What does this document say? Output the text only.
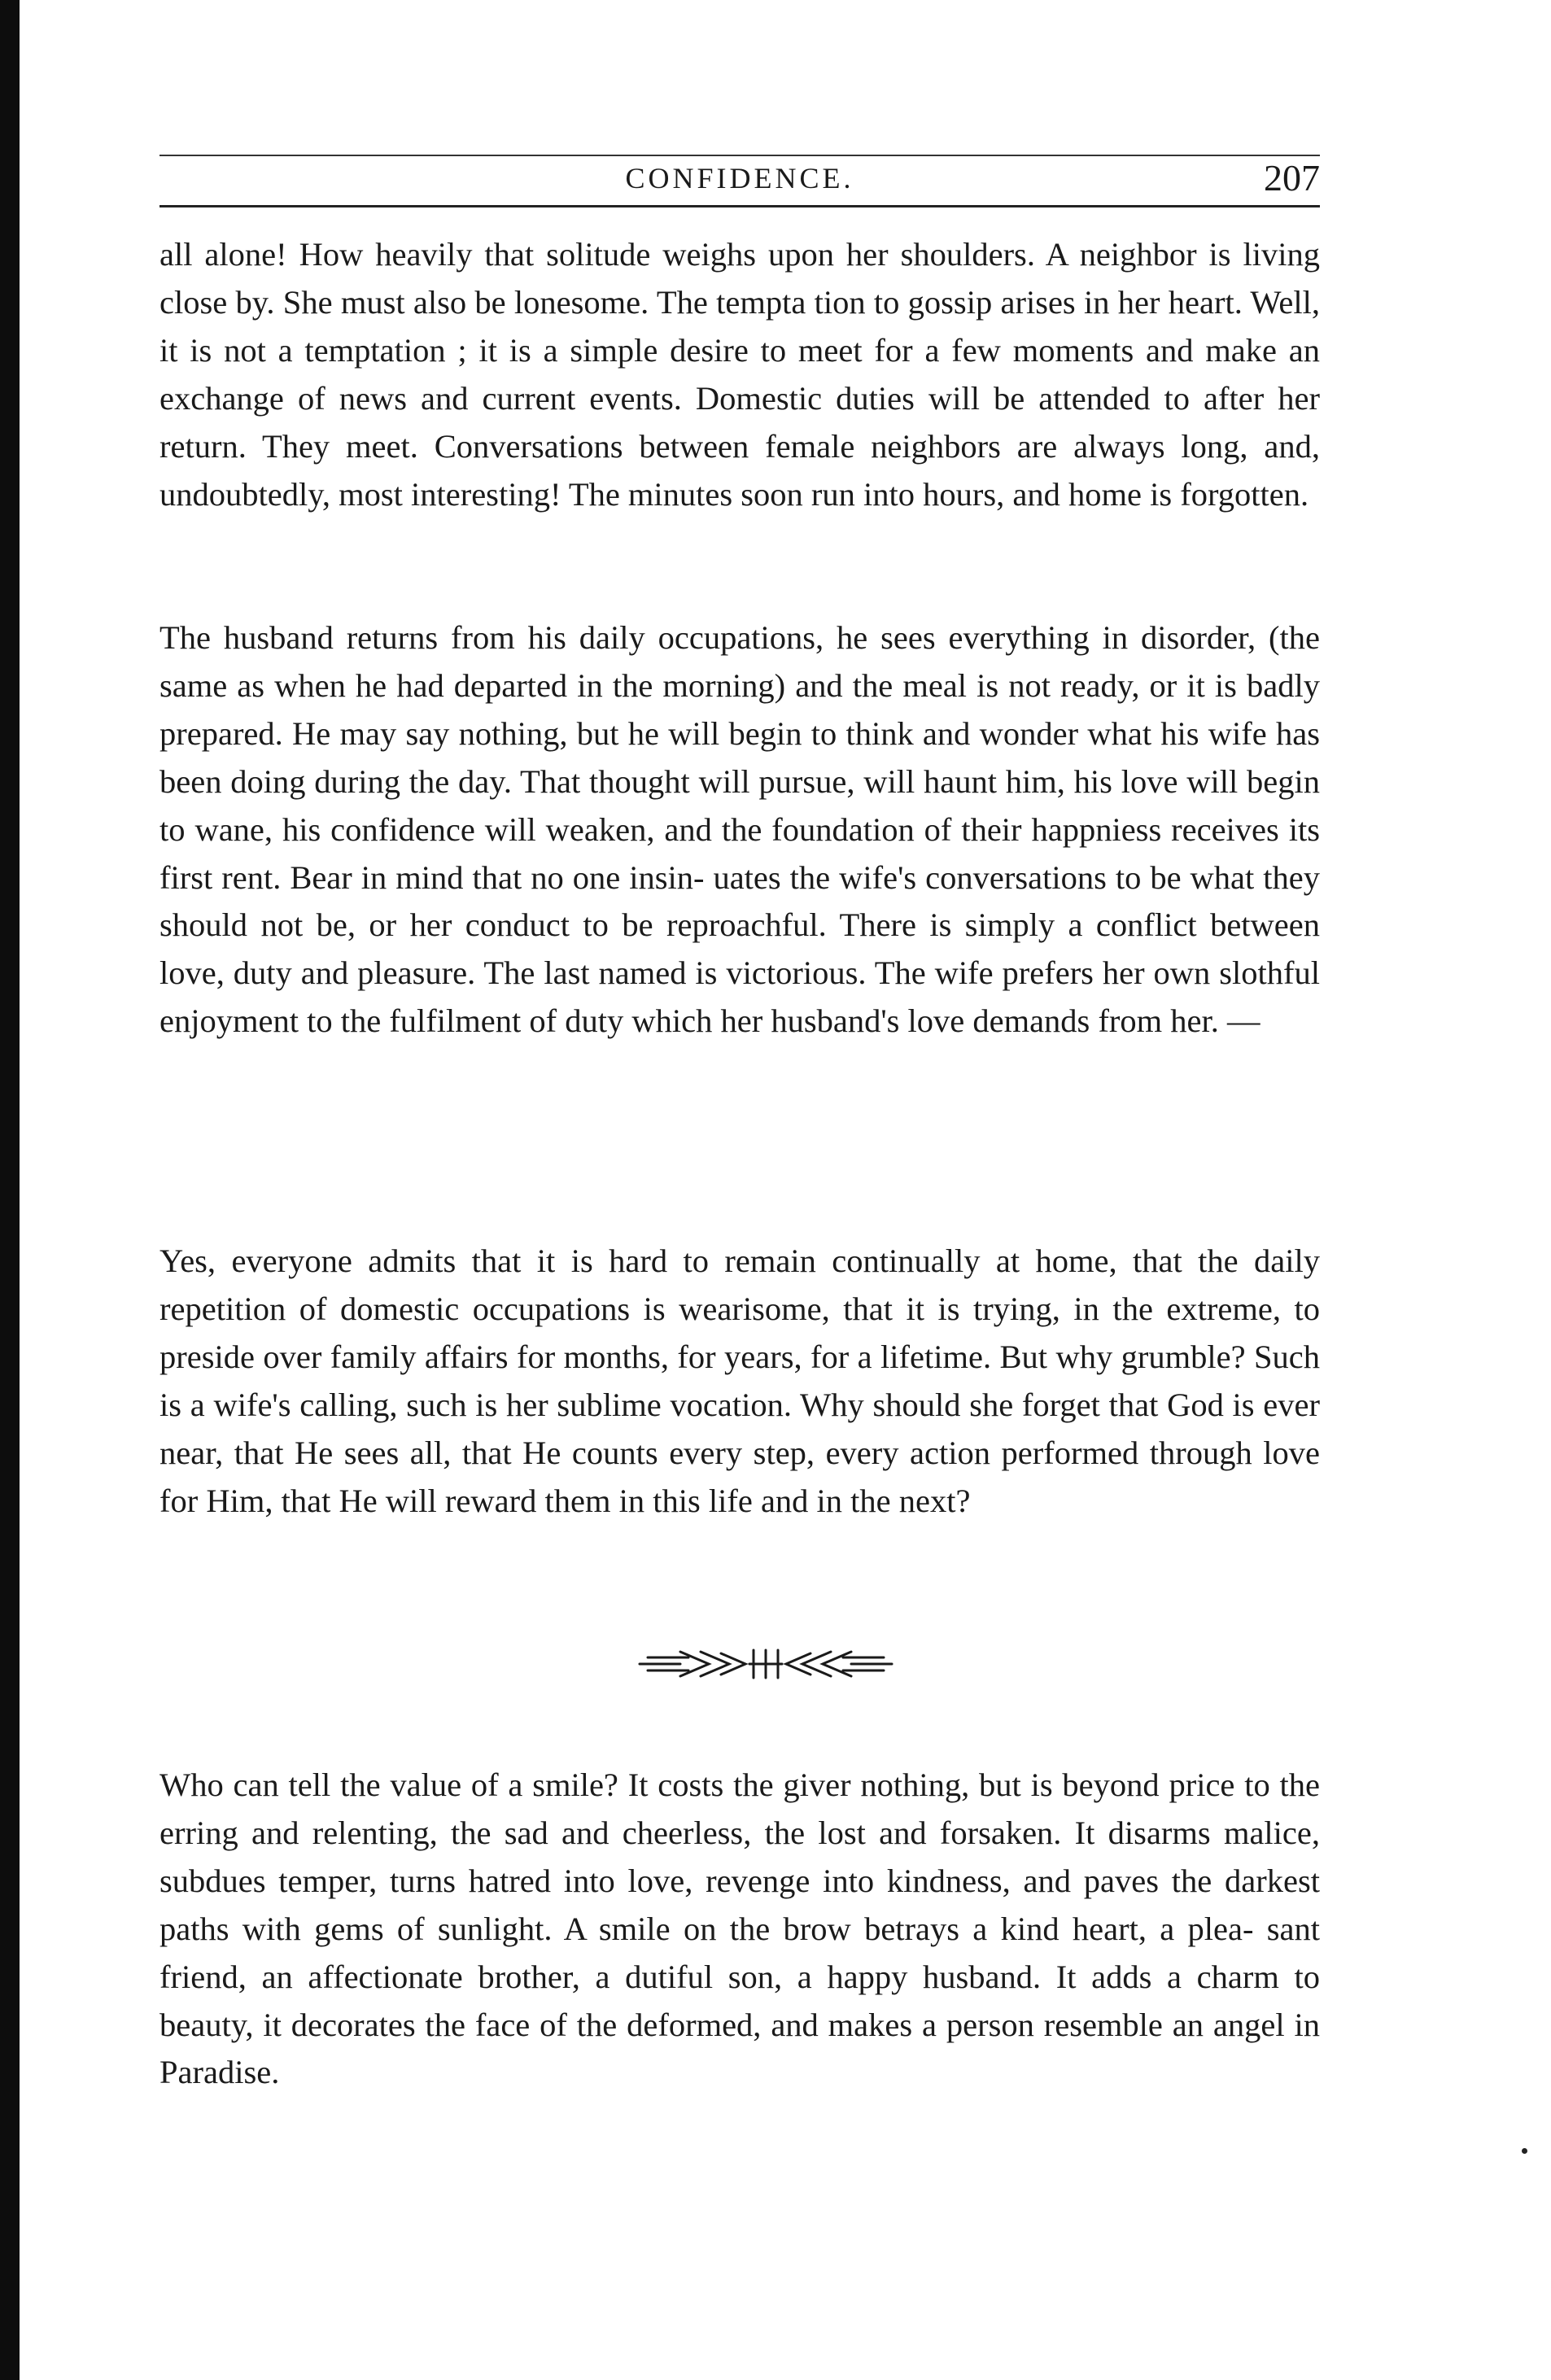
CONFIDENCE.	207

all alone! How heavily that solitude weighs upon her shoulders. A neighbor is living close by. She must also be lonesome. The tempta tion to gossip arises in her heart. Well, it is not a temptation ; it is a simple desire to meet for a few moments and make an exchange of news and current events. Domestic duties will be attended to after her return. They meet. Conversations between female neighbors are always long, and, undoubtedly, most interesting! The minutes soon run into hours, and home is forgotten.

The husband returns from his daily occupations, he sees everything in disorder, (the same as when he had departed in the morning) and the meal is not ready, or it is badly prepared. He may say nothing, but he will begin to think and wonder what his wife has been doing during the day. That thought will pursue, will haunt him, his love will begin to wane, his confidence will weaken, and the foundation of their happniess receives its first rent. Bear in mind that no one insin- uates the wife's conversations to be what they should not be, or her conduct to be reproachful. There is simply a conflict between love, duty and pleasure. The last named is victorious. The wife prefers her own slothful enjoyment to the fulfilment of duty which her husband's love demands from her. —

Yes, everyone admits that it is hard to remain continually at home, that the daily repetition of domestic occupations is wearisome, that it is trying, in the extreme, to preside over family affairs for months, for years, for a lifetime. But why grumble? Such is a wife's calling, such is her sublime vocation. Why should she forget that God is ever near, that He sees all, that He counts every step, every action performed through love for Him, that He will reward them in this life and in the next?

Who can tell the value of a smile? It costs the giver nothing, but is beyond price to the erring and relenting, the sad and cheerless, the lost and forsaken. It disarms malice, subdues temper, turns hatred into love, revenge into kindness, and paves the darkest paths with gems of sunlight. A smile on the brow betrays a kind heart, a plea- sant friend, an affectionate brother, a dutiful son, a happy husband. It adds a charm to beauty, it decorates the face of the deformed, and makes a person resemble an angel in Paradise.
